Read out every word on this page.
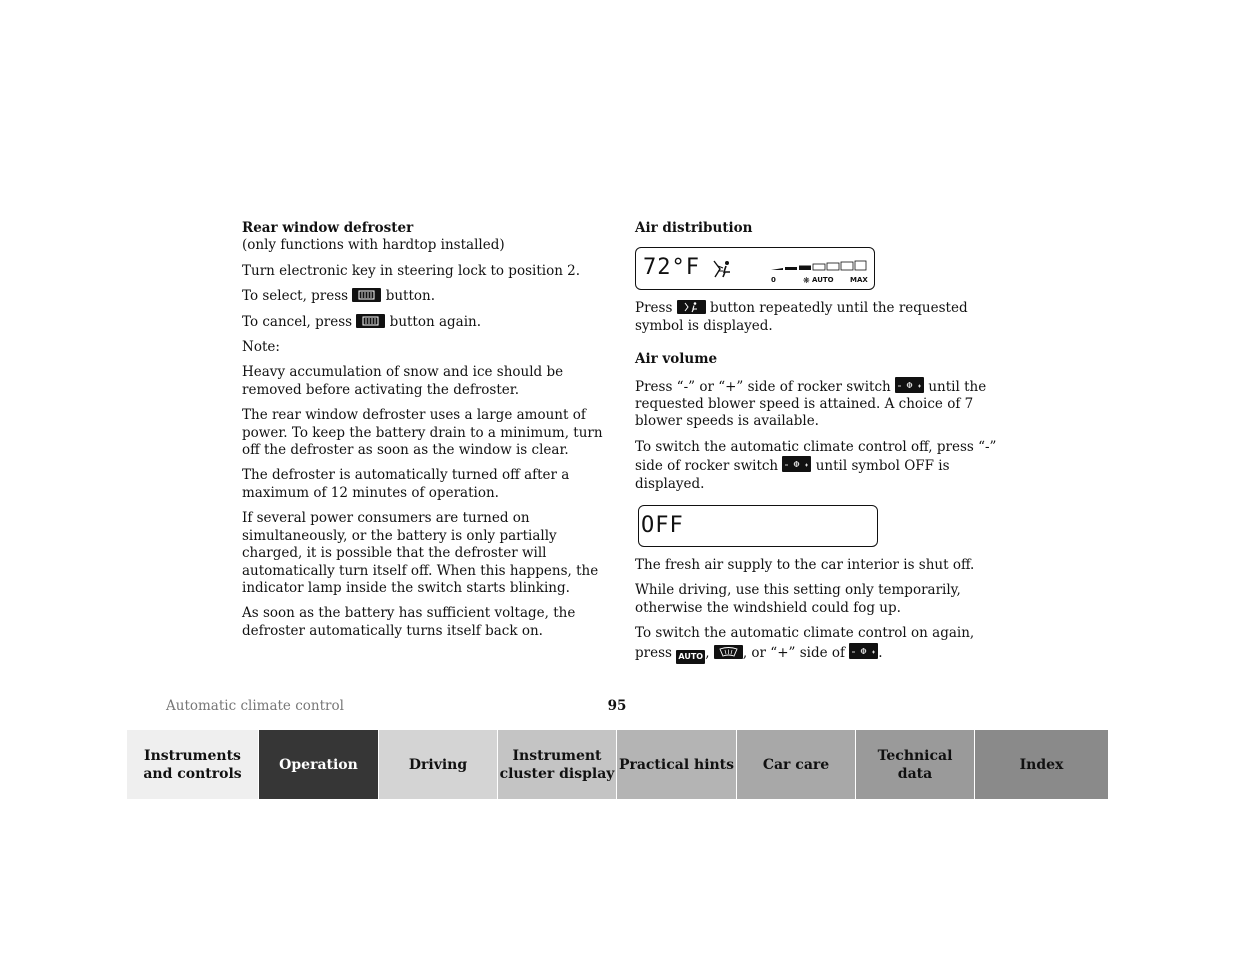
Rear window defroster

(only functions with hardtop installed)

Turn electronic key in steering lock to position 2.

To select, press	button.

To cancel, press	button again.

Note:

Heavy accumulation of snow and ice should be removed before activating the defroster.

The rear window defroster uses a large amount of power. To keep the battery drain to a minimum, turn off the defroster as soon as the window is clear.

The defroster is automatically turned off after a maximum of 12 minutes of operation.

If several power consumers are turned on simultaneously, or the battery is only partially charged, it is possible that the defroster will automatically turn itself off. When this happens, the indicator lamp inside the switch starts blinking.

As soon as the battery has sufficient voltage, the defroster automatically turns itself back on.

Air distribution
72°F	0	❋ AUTO MAX

Press	button repeatedly until the requested symbol is displayed.

Air volume

Press “-” or “+” side of rocker switch	until the requested blower speed is attained. A choice of 7 blower speeds is available.

To switch the automatic climate control off, press “-” side of rocker switch	until symbol OFF is displayed.

OFF

The fresh air supply to the car interior is shut off.

While driving, use this setting only temporarily, otherwise the windshield could fog up.

To switch the automatic climate control on again, press AUTO , , or “+” side of .

Automatic climate control	95
Instruments
and controls
Operation	Driving
Instrument
cluster display
Practical hints Car care
Technical
data
Index
